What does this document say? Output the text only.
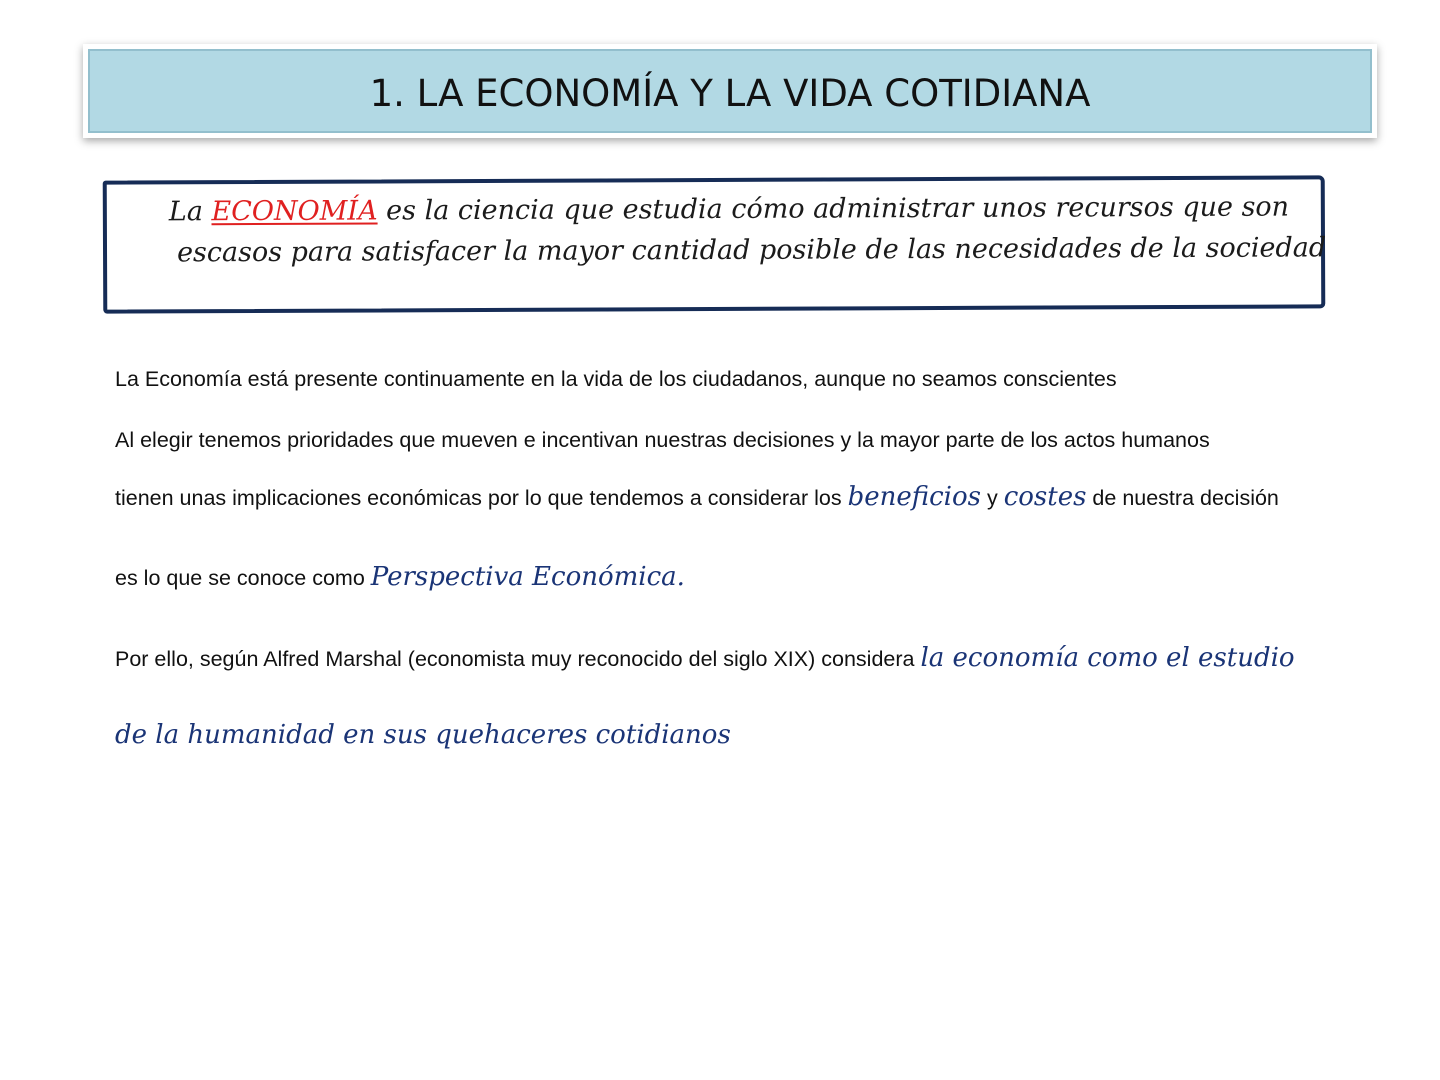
1. LA ECONOMÍA Y LA VIDA COTIDIANA
La ECONOMÍA es la ciencia que estudia cómo administrar unos recursos que son
escasos para satisfacer la mayor cantidad posible de las necesidades de la sociedad
La Economía está presente continuamente en la vida de los ciudadanos, aunque no seamos conscientes
Al elegir tenemos prioridades que mueven e incentivan nuestras decisiones y la mayor parte de los actos humanos
tienen unas implicaciones económicas por lo que tendemos a considerar los beneficios y costes de nuestra decisión
es lo que se conoce como Perspectiva Económica.
Por ello, según Alfred Marshal (economista muy reconocido del siglo XIX) considera la economía como el estudio
de la humanidad en sus quehaceres cotidianos
